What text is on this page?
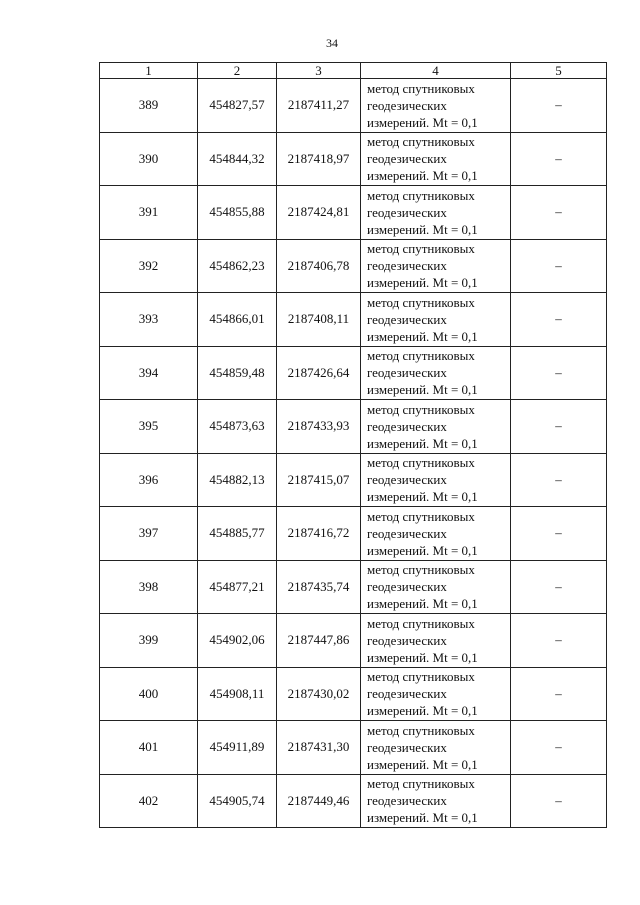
34
1	2	3	4	5
389	454827,57	2187411,27	метод спутниковых
геодезических
измерений. Mt = 0,1	–
390	454844,32	2187418,97	метод спутниковых
геодезических
измерений. Mt = 0,1	–
391	454855,88	2187424,81	метод спутниковых
геодезических
измерений. Mt = 0,1	–
392	454862,23	2187406,78	метод спутниковых
геодезических
измерений. Mt = 0,1	–
393	454866,01	2187408,11	метод спутниковых
геодезических
измерений. Mt = 0,1	–
394	454859,48	2187426,64	метод спутниковых
геодезических
измерений. Mt = 0,1	–
395	454873,63	2187433,93	метод спутниковых
геодезических
измерений. Mt = 0,1	–
396	454882,13	2187415,07	метод спутниковых
геодезических
измерений. Mt = 0,1	–
397	454885,77	2187416,72	метод спутниковых
геодезических
измерений. Mt = 0,1	–
398	454877,21	2187435,74	метод спутниковых
геодезических
измерений. Mt = 0,1	–
399	454902,06	2187447,86	метод спутниковых
геодезических
измерений. Mt = 0,1	–
400	454908,11	2187430,02	метод спутниковых
геодезических
измерений. Mt = 0,1	–
401	454911,89	2187431,30	метод спутниковых
геодезических
измерений. Mt = 0,1	–
402	454905,74	2187449,46	метод спутниковых
геодезических
измерений. Mt = 0,1	–
